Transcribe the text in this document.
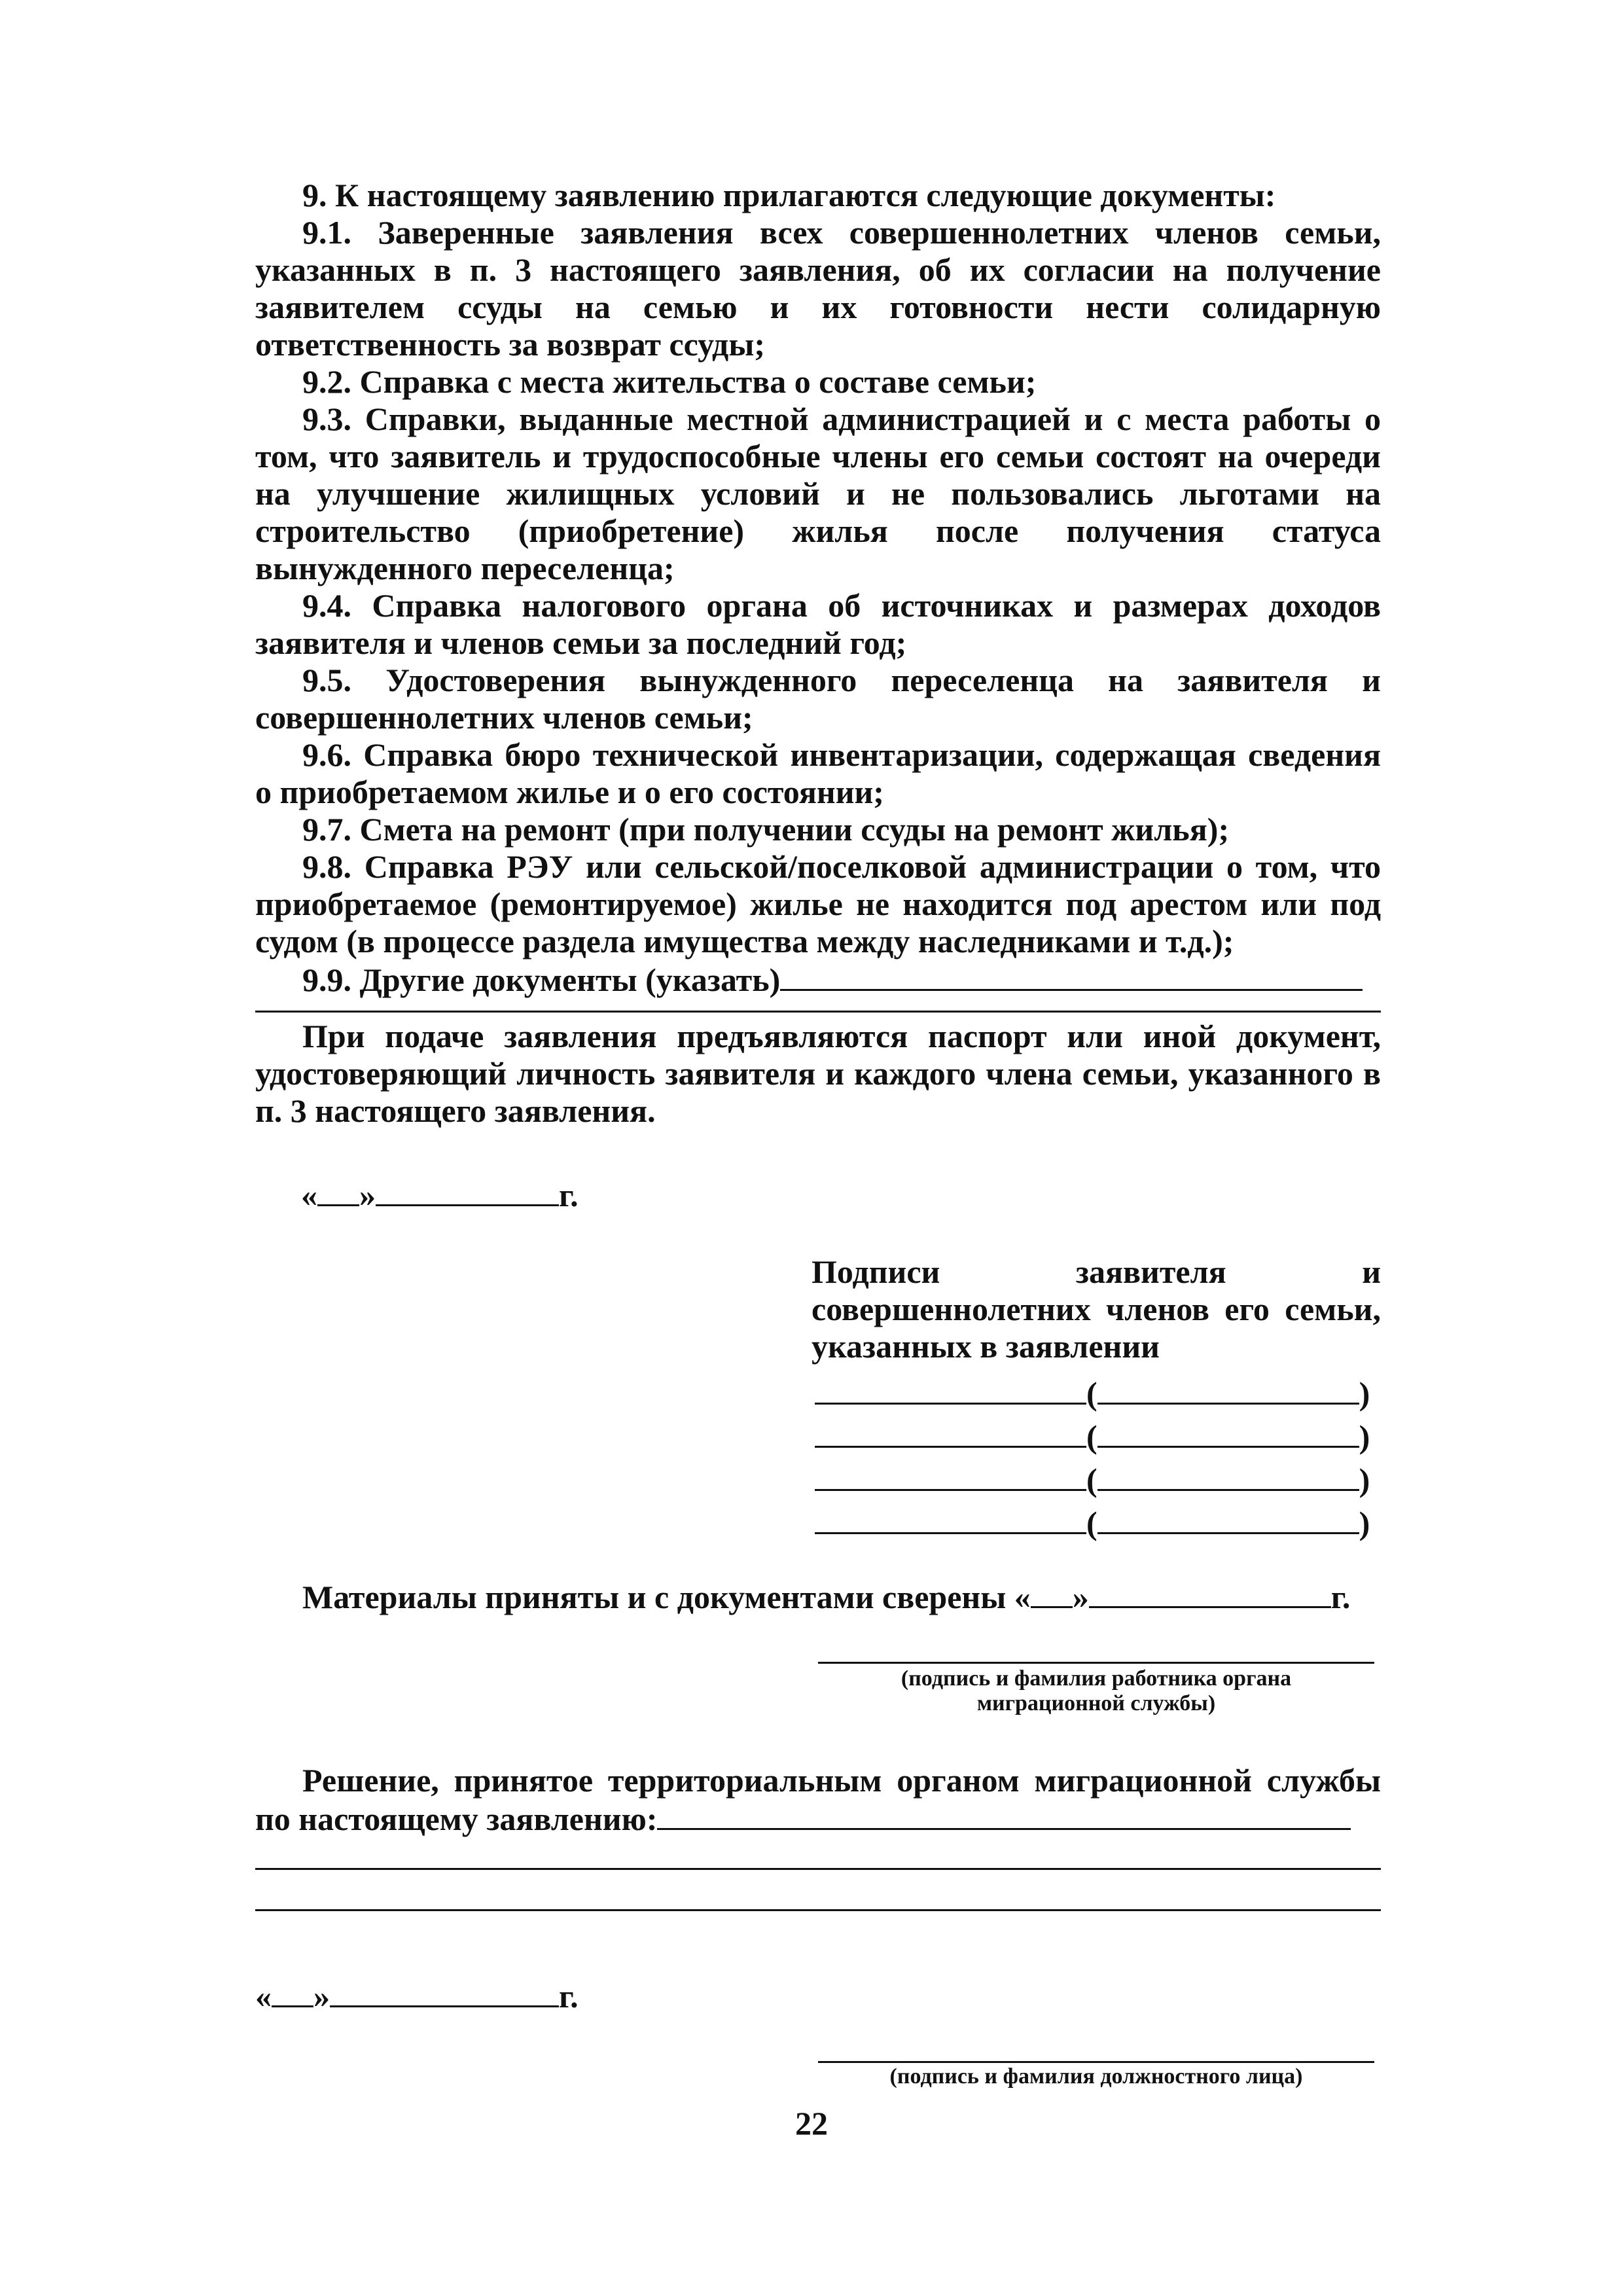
9. К настоящему заявлению прилагаются следующие документы:

9.1. Заверенные заявления всех совершеннолетних членов семьи, указанных в п. 3 настоящего заявления, об их согласии на получение заявителем ссуды на семью и их готовности нести солидарную ответственность за возврат ссуды;

9.2. Справка с места жительства о составе семьи;

9.3. Справки, выданные местной администрацией и с места работы о том, что заявитель и трудоспособные члены его семьи состоят на очереди на улучшение жилищных условий и не пользовались льготами на строительство (приобретение) жилья после получения статуса вынужденного переселенца;

9.4. Справка налогового органа об источниках и размерах доходов заявителя и членов семьи за последний год;

9.5. Удостоверения вынужденного переселенца на заявителя и совершеннолетних членов семьи;

9.6. Справка бюро технической инвентаризации, содержащая сведения о приобретаемом жилье и о его состоянии;

9.7. Смета на ремонт (при получении ссуды на ремонт жилья);

9.8. Справка РЭУ или сельской/поселковой администрации о том, что приобретаемое (ремонтируемое) жилье не находится под арестом или под судом (в процессе раздела имущества между наследниками и т.д.);

9.9. Другие документы (указать)

При подаче заявления предъявляются паспорт или иной документ, удостоверяющий личность заявителя и каждого члена семьи, указанного в п. 3 настоящего заявления.

« »	г.
Подписи заявителя и совершеннолетних членов его семьи, указанных в заявлении
(	)
(	)
(	)
(	)
Материалы приняты и с документами сверены « »	г.
(подпись и фамилия работника органа миграционной службы)

Решение, принятое территориальным органом миграционной службы по настоящему заявлению:

« »	г.
(подпись и фамилия должностного лица)
22
